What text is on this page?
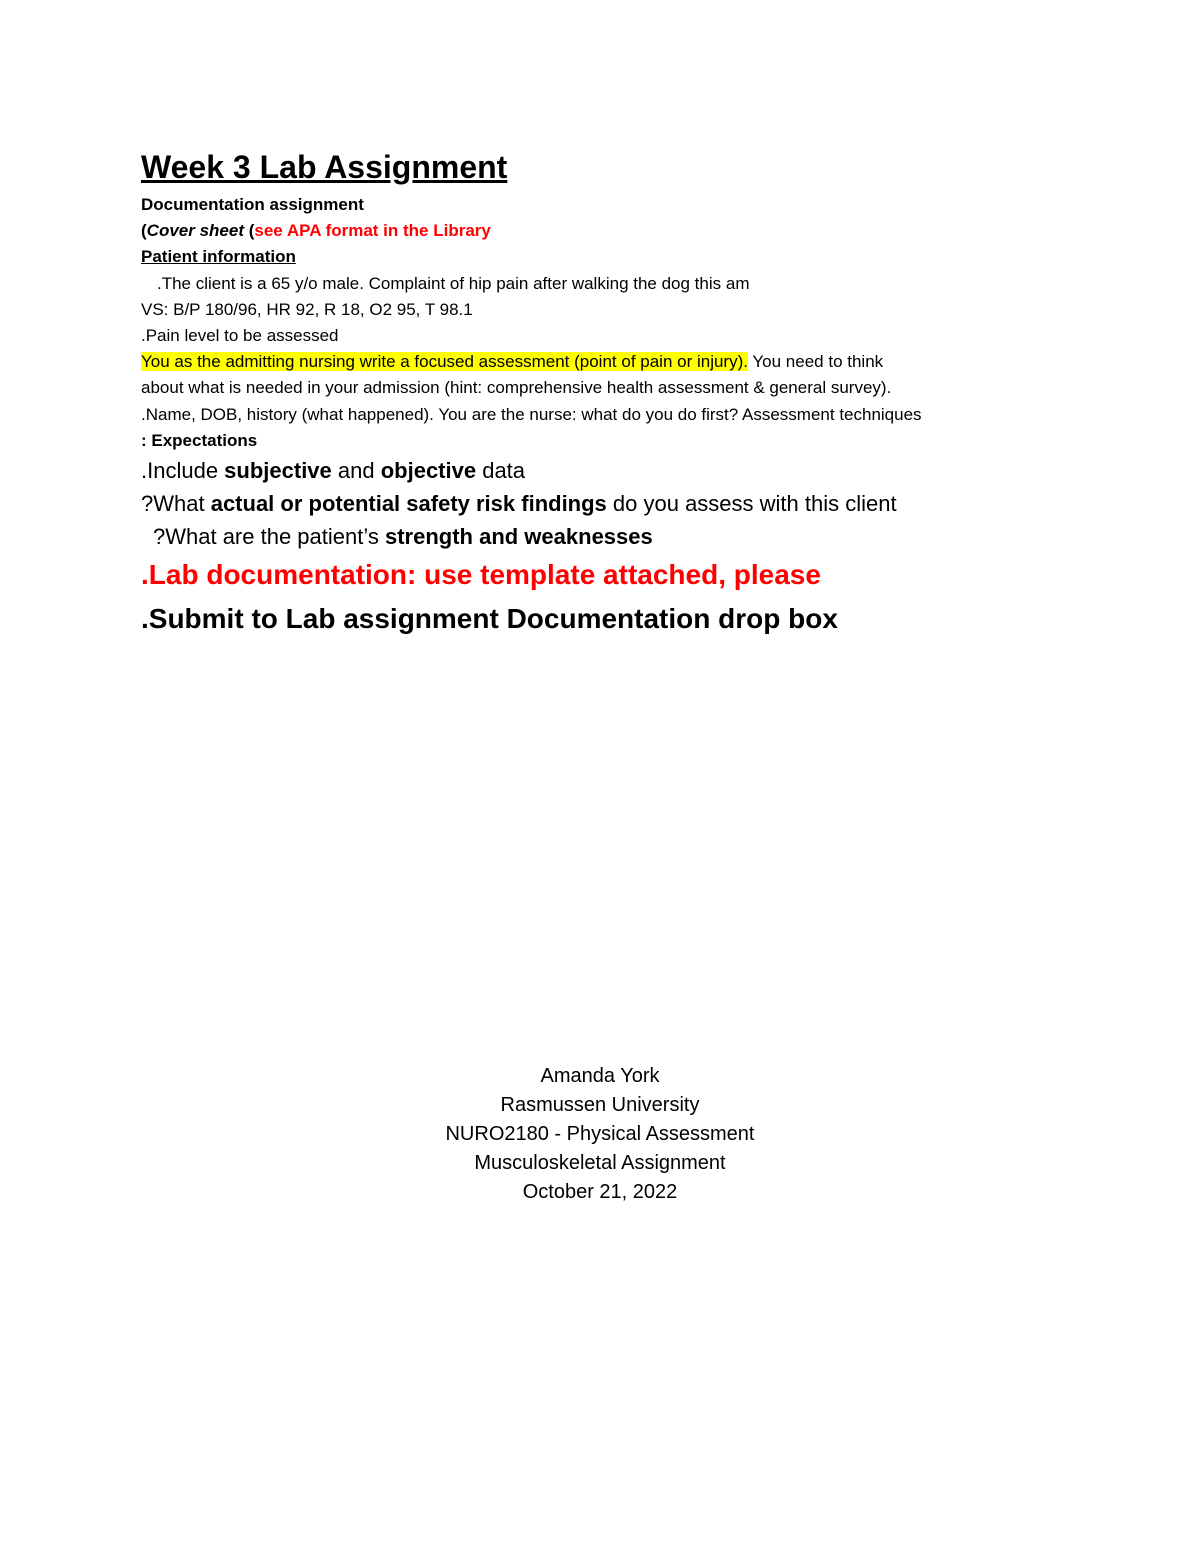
Week 3 Lab Assignment
Documentation assignment
(Cover sheet (see APA format in the Library
Patient information
.The client is a 65 y/o male. Complaint of hip pain after walking the dog this am
VS: B/P 180/96, HR 92, R 18, O2 95, T 98.1
.Pain level to be assessed
You as the admitting nursing write a focused assessment (point of pain or injury). You need to think
about what is needed in your admission (hint: comprehensive health assessment & general survey).
.Name, DOB, history (what happened). You are the nurse: what do you do first? Assessment techniques
: Expectations
.Include subjective and objective data
?What actual or potential safety risk findings do you assess with this client
?What are the patient’s strength and weaknesses
.Lab documentation: use template attached, please
.Submit to Lab assignment Documentation drop box
Amanda York
Rasmussen University
NURO2180 - Physical Assessment
Musculoskeletal Assignment
October 21, 2022
